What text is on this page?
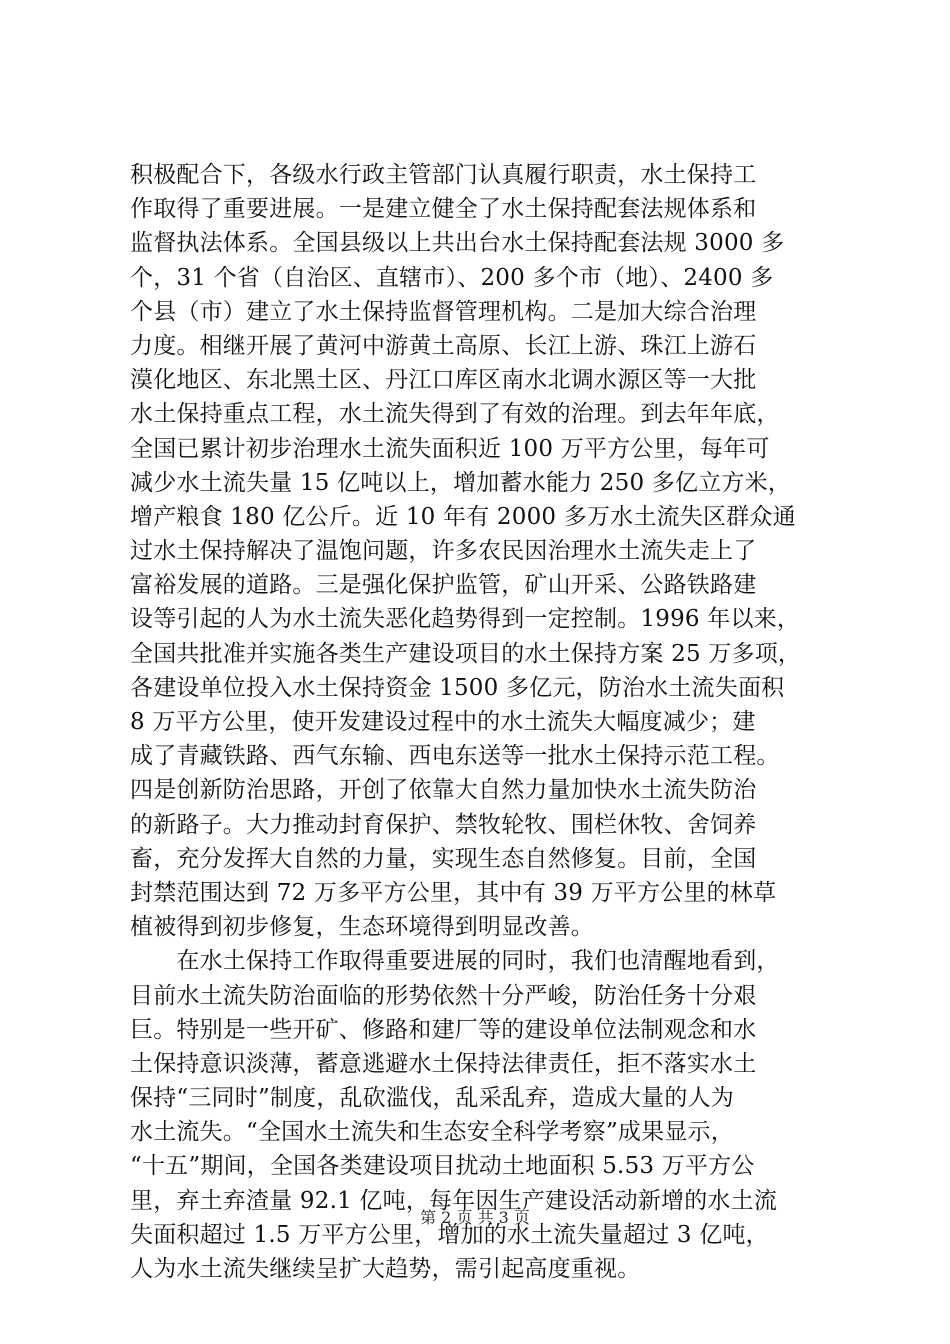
积极配合下，各级水行政主管部门认真履行职责，水土保持工
作取得了重要进展。一是建立健全了水土保持配套法规体系和
监督执法体系。全国县级以上共出台水土保持配套法规 3000 多
个，31 个省（自治区、直辖市）、200 多个市（地）、2400 多
个县（市）建立了水土保持监督管理机构。二是加大综合治理
力度。相继开展了黄河中游黄土高原、长江上游、珠江上游石
漠化地区、东北黑土区、丹江口库区南水北调水源区等一大批
水土保持重点工程，水土流失得到了有效的治理。到去年年底，
全国已累计初步治理水土流失面积近 100 万平方公里，每年可
减少水土流失量 15 亿吨以上，增加蓄水能力 250 多亿立方米，
增产粮食 180 亿公斤。近 10 年有 2000 多万水土流失区群众通
过水土保持解决了温饱问题，许多农民因治理水土流失走上了
富裕发展的道路。三是强化保护监管，矿山开采、公路铁路建
设等引起的人为水土流失恶化趋势得到一定控制。1996 年以来，
全国共批准并实施各类生产建设项目的水土保持方案 25 万多项，
各建设单位投入水土保持资金 1500 多亿元，防治水土流失面积
8 万平方公里，使开发建设过程中的水土流失大幅度减少；建
成了青藏铁路、西气东输、西电东送等一批水土保持示范工程。
四是创新防治思路，开创了依靠大自然力量加快水土流失防治
的新路子。大力推动封育保护、禁牧轮牧、围栏休牧、舍饲养
畜，充分发挥大自然的力量，实现生态自然修复。目前，全国
封禁范围达到 72 万多平方公里，其中有 39 万平方公里的林草
植被得到初步修复，生态环境得到明显改善。
　　在水土保持工作取得重要进展的同时，我们也清醒地看到，
目前水土流失防治面临的形势依然十分严峻，防治任务十分艰
巨。特别是一些开矿、修路和建厂等的建设单位法制观念和水
土保持意识淡薄，蓄意逃避水土保持法律责任，拒不落实水土
保持“三同时”制度，乱砍滥伐，乱采乱弃，造成大量的人为
水土流失。“全国水土流失和生态安全科学考察”成果显示，
“十五”期间，全国各类建设项目扰动土地面积 5.53 万平方公
里，弃土弃渣量 92.1 亿吨，每年因生产建设活动新增的水土流
失面积超过 1.5 万平方公里，增加的水土流失量超过 3 亿吨，
人为水土流失继续呈扩大趋势，需引起高度重视。
第 2 页 共 3 页
